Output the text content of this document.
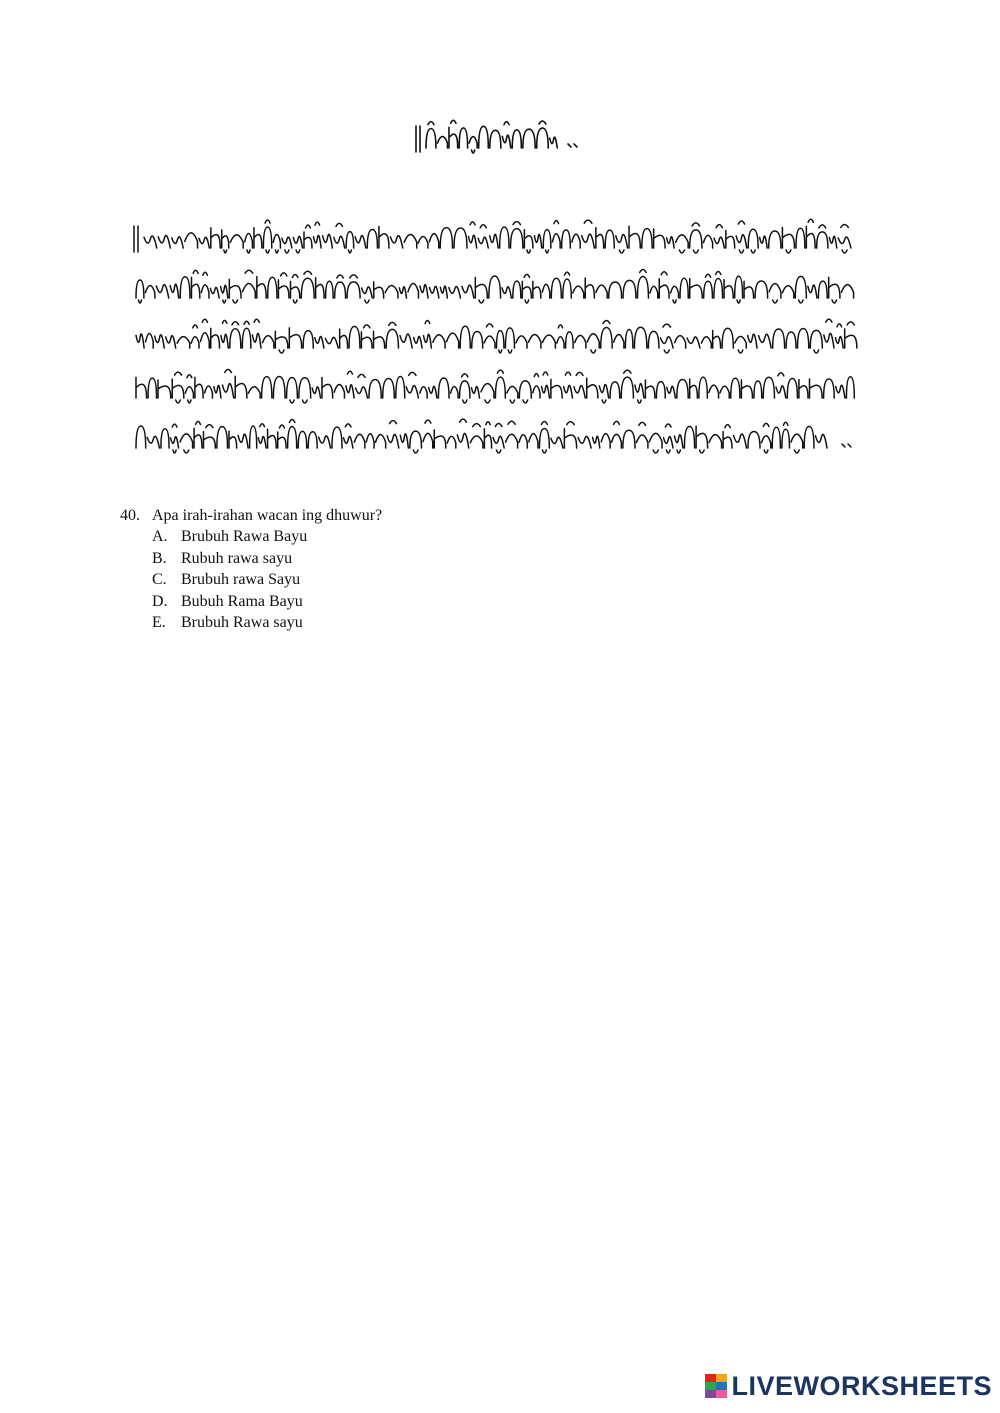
40. Apa irah-irahan wacan ing dhuwur?
A. Brubuh Rawa Bayu
B. Rubuh rawa sayu
C. Brubuh rawa Sayu
D. Bubuh Rama Bayu
E. Brubuh Rawa sayu
LIVEWORKSHEETS
